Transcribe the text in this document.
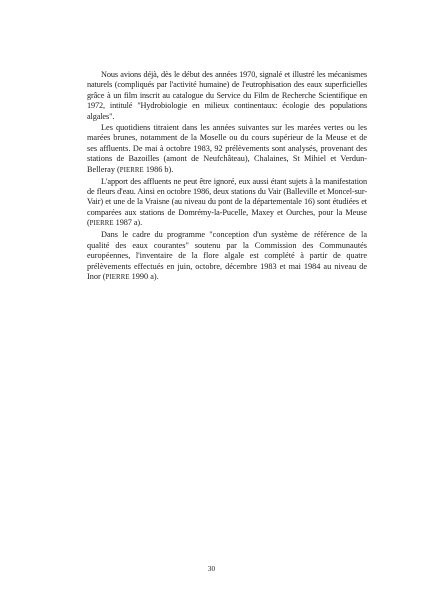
Nous avions déjà, dès le début des années 1970, signalé et illustré les mécanismes naturels (compliqués par l'activité humaine) de l'eutrophisation des eaux superficielles grâce à un film inscrit au catalogue du Service du Film de Recherche Scientifique en 1972, intitulé "Hydrobiologie en milieux continentaux: écologie des populations algales".

Les quotidiens titraient dans les années suivantes sur les marées vertes ou les marées brunes, notamment de la Moselle ou du cours supérieur de la Meuse et de ses affluents. De mai à octobre 1983, 92 prélèvements sont analysés, provenant des stations de Bazoilles (amont de Neufchâteau), Chalaines, St Mihiel et Verdun-Belleray (PIERRE 1986 b).

L'apport des affluents ne peut être ignoré, eux aussi étant sujets à la manifestation de fleurs d'eau. Ainsi en octobre 1986, deux stations du Vair (Balleville et Moncel-sur-Vair) et une de la Vraisne (au niveau du pont de la départementale 16) sont étudiées et comparées aux stations de Domrémy-la-Pucelle, Maxey et Ourches, pour la Meuse (PIERRE 1987 a).

Dans le cadre du programme "conception d'un système de référence de la qualité des eaux courantes" soutenu par la Commission des Communautés européennes, l'inventaire de la flore algale est complété à partir de quatre prélèvements effectués en juin, octobre, décembre 1983 et mai 1984 au niveau de Inor (PIERRE 1990 a).

30
